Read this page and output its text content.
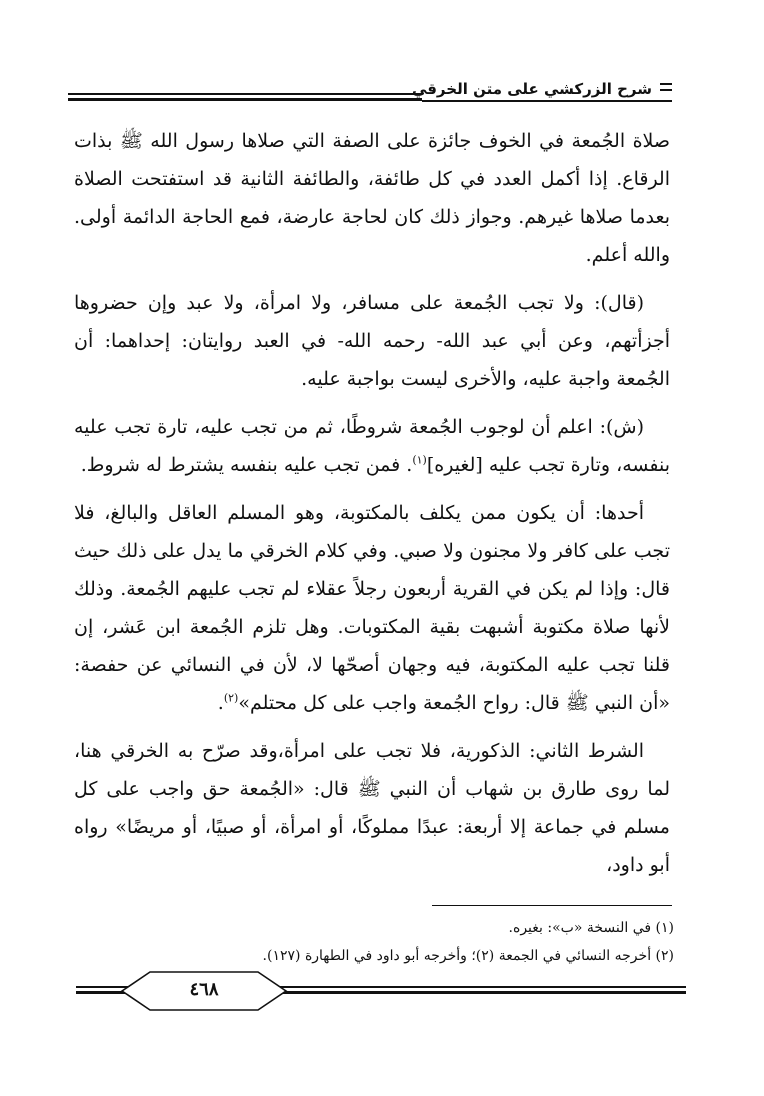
شرح الزركشي على متن الخرقي

صلاة الجُمعة في الخوف جائزة على الصفة التي صلاها رسول الله ﷺ بذات الرقاع. إذا أكمل العدد في كل طائفة، والطائفة الثانية قد استفتحت الصلاة بعدما صلاها غيرهم. وجواز ذلك كان لحاجة عارضة، فمع الحاجة الدائمة أولى. والله أعلم.

(قال): ولا تجب الجُمعة على مسافر، ولا امرأة، ولا عبد وإن حضروها أجزأتهم، وعن أبي عبد الله- رحمه الله- في العبد روايتان: إحداهما: أن الجُمعة واجبة عليه، والأخرى ليست بواجبة عليه.

(ش): اعلم أن لوجوب الجُمعة شروطًا، ثم من تجب عليه، تارة تجب عليه بنفسه، وتارة تجب عليه [لغيره]$^{(١)}$. فمن تجب عليه بنفسه يشترط له شروط.

أحدها: أن يكون ممن يكلف بالمكتوبة، وهو المسلم العاقل والبالغ، فلا تجب على كافر ولا مجنون ولا صبي. وفي كلام الخرقي ما يدل على ذلك حيث قال: وإذا لم يكن في القرية أربعون رجلاً عقلاء لم تجب عليهم الجُمعة. وذلك لأنها صلاة مكتوبة أشبهت بقية المكتوبات. وهل تلزم الجُمعة ابن عَشر، إن قلنا تجب عليه المكتوبة، فيه وجهان أصحّها لا، لأن في النسائي عن حفصة: «أن النبي ﷺ قال: رواح الجُمعة واجب على كل محتلم»$^{(٢)}$.

الشرط الثاني: الذكورية، فلا تجب على امرأة،وقد صرّح به الخرقي هنا، لما روى طارق بن شهاب أن النبي ﷺ قال: «الجُمعة حق واجب على كل مسلم في جماعة إلا أربعة: عبدًا مملوكًا، أو امرأة، أو صبيًا، أو مريضًا» رواه أبو داود،

(١) في النسخة «ب»: بغيره.
(٢) أخرجه النسائي في الجمعة (٢)؛ وأخرجه أبو داود في الطهارة (١٢٧).
٤٦٨
